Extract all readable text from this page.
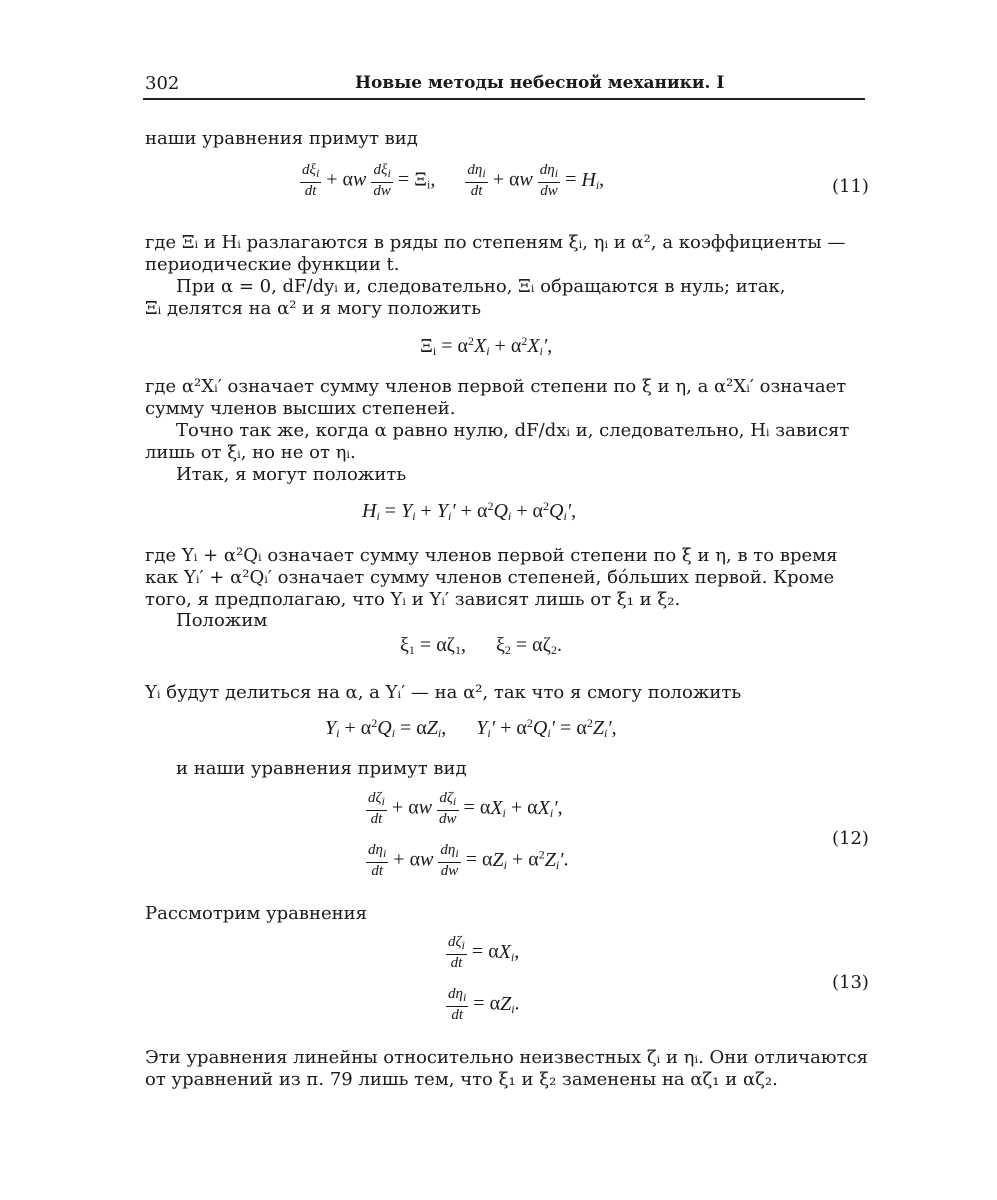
302	Новые методы небесной механики. I
наши уравнения примут вид
$\frac{d\xi_i}{dt} + \alpha w \frac{d\xi_i}{dw} = \Xi_i$, $\frac{d\eta_i}{dt} + \alpha w \frac{d\eta_i}{dw} = H_i$,	(11)
где Ξᵢ и Hᵢ разлагаются в ряды по степеням ξᵢ, ηᵢ и α², а коэффициенты —
периодические функции t.
При α = 0, dF/dyᵢ и, следовательно, Ξᵢ обращаются в нуль; итак,
Ξᵢ делятся на α² и я могу положить
$\Xi_i = \alpha^2X_i + \alpha^2X_i'$,
где α²Xᵢ′ означает сумму членов первой степени по ξ и η, а α²Xᵢ′ означает
сумму членов высших степеней.
Точно так же, когда α равно нулю, dF/dxᵢ и, следовательно, Hᵢ зависят
лишь от ξᵢ, но не от ηᵢ.
Итак, я могут положить
$H_i = Y_i + Y_i' + \alpha^2Q_i + \alpha^2Q_i'$,
где Yᵢ + α²Qᵢ означает сумму членов первой степени по ξ и η, в то время
как Yᵢ′ + α²Qᵢ′ означает сумму членов степеней, бóльших первой. Кроме
того, я предполагаю, что Yᵢ и Yᵢ′ зависят лишь от ξ₁ и ξ₂.
Положим
$\xi_1 = \alpha\zeta_1$,      $\xi_2 = \alpha\zeta_2$.
Yᵢ будут делиться на α, а Yᵢ′ — на α², так что я смогу положить
$Y_i + \alpha^2Q_i = \alpha Z_i$,      $Y_i' + \alpha^2Q_i' = \alpha^2Z_i'$,
и наши уравнения примут вид
$\frac{d\zeta_i}{dt} + \alpha w \frac{d\zeta_i}{dw} = \alpha X_i + \alpha X_i'$,
$\frac{d\eta_i}{dt} + \alpha w \frac{d\eta_i}{dw} = \alpha Z_i + \alpha^2Z_i'$.
(12)
Рассмотрим уравнения
$\frac{d\zeta_i}{dt} = \alpha X_i$,
$\frac{d\eta_i}{dt} = \alpha Z_i$.
(13)
Эти уравнения линейны относительно неизвестных ζᵢ и ηᵢ. Они отличаются
от уравнений из п. 79 лишь тем, что ξ₁ и ξ₂ заменены на αζ₁ и αζ₂.
